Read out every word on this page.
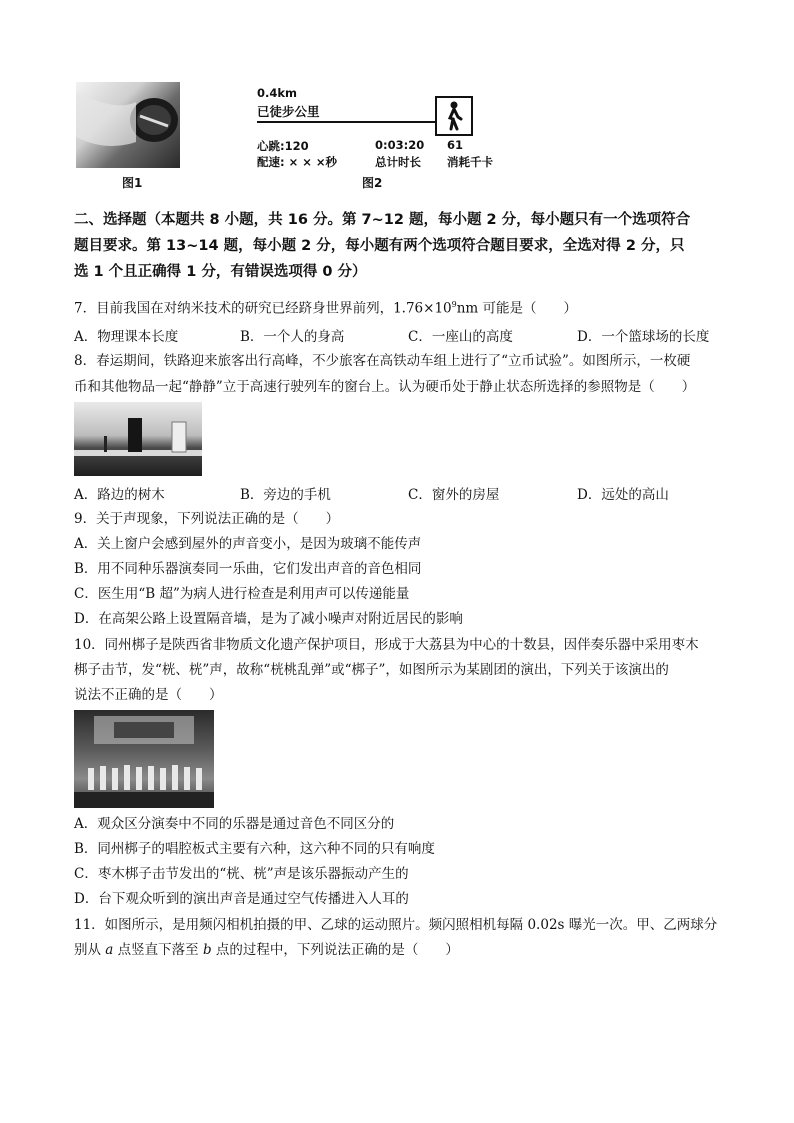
图1
0.4km
已徒步公里
心跳:120
配速: × × ×秒
0:03:20
总计时长
61
消耗千卡
图2
二、选择题（本题共 8 小题，共 16 分。第 7~12 题，每小题 2 分，每小题只有一个选项符合
题目要求。第 13~14 题，每小题 2 分，每小题有两个选项符合题目要求，全选对得 2 分，只
选 1 个且正确得 1 分，有错误选项得 0 分）
7．目前我国在对纳米技术的研究已经跻身世界前列，$1.76\times 10^9nm$ 可能是（　　）
A．物理课本长度	B．一个人的身高	C．一座山的高度	D．一个篮球场的长度
8．春运期间，铁路迎来旅客出行高峰，不少旅客在高铁动车组上进行了“立币试验”。如图所示，一枚硬
币和其他物品一起“静静”立于高速行驶列车的窗台上。认为硬币处于静止状态所选择的参照物是（　　）
A．路边的树木	B．旁边的手机	C．窗外的房屋	D．远处的高山
9．关于声现象，下列说法正确的是（　　）
A．关上窗户会感到屋外的声音变小，是因为玻璃不能传声
B．用不同种乐器演奏同一乐曲，它们发出声音的音色相同
C．医生用“B 超”为病人进行检查是利用声可以传递能量
D．在高架公路上设置隔音墙，是为了减小噪声对附近居民的影响
10．同州梆子是陕西省非物质文化遗产保护项目，形成于大荔县为中心的十数县，因伴奏乐器中采用枣木
梆子击节，发“桄、桄”声，故称“桄桃乱弹”或“梆子”，如图所示为某剧团的演出，下列关于该演出的
说法不正确的是（　　）
A．观众区分演奏中不同的乐器是通过音色不同区分的
B．同州梆子的唱腔板式主要有六种，这六种不同的只有响度
C．枣木梆子击节发出的“桄、桄”声是该乐器振动产生的
D．台下观众听到的演出声音是通过空气传播进入人耳的
11．如图所示，是用频闪相机拍摄的甲、乙球的运动照片。频闪照相机每隔 0.02s 曝光一次。甲、乙两球分
别从 a 点竖直下落至 b 点的过程中，下列说法正确的是（　　）
